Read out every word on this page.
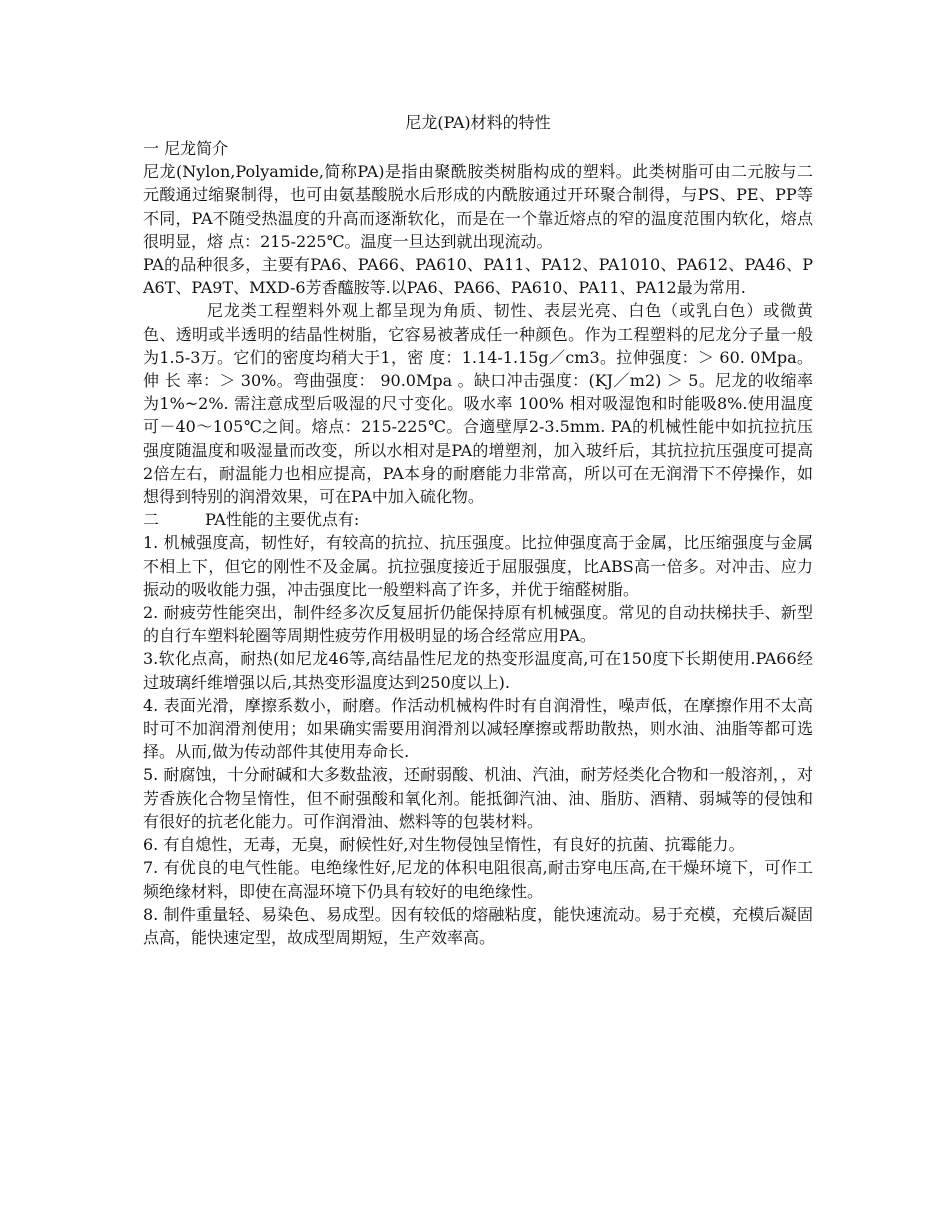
尼龙(PA)材料的特性
一 尼龙简介

尼龙(Nylon,Polyamide,简称PA)是指由聚酰胺类树脂构成的塑料。此类树脂可由二元胺与二元酸通过缩聚制得，也可由氨基酸脱水后形成的内酰胺通过开环聚合制得，与PS、PE、PP等不同，PA不随受热温度的升高而逐渐软化，而是在一个靠近熔点的窄的温度范围内软化，熔点很明显，熔 点：215-225℃。温度一旦达到就出现流动。

PA的品种很多，主要有PA6、PA66、PA610、PA11、PA12、PA1010、PA612、PA46、PA6T、PA9T、MXD-6芳香醯胺等.以PA6、PA66、PA610、PA11、PA12最为常用.

尼龙类工程塑料外观上都呈现为角质、韧性、表层光亮、白色（或乳白色）或微黄色、透明或半透明的结晶性树脂，它容易被著成任一种颜色。作为工程塑料的尼龙分子量一般为1.5-3万。它们的密度均稍大于1，密 度：1.14-1.15g／cm3。拉伸强度：＞ 60. 0Mpa。伸 长 率：＞ 30%。弯曲强度： 90.0Mpa 。缺口冲击强度：(KJ／m2) ＞ 5。尼龙的收缩率为1%~2%. 需注意成型后吸湿的尺寸变化。吸水率 100% 相对吸湿饱和时能吸8%.使用温度可－40～105℃之间。熔点：215-225℃。合適壁厚2-3.5mm. PA的机械性能中如抗拉抗压强度随温度和吸湿量而改变，所以水相对是PA的增塑剂，加入玻纤后，其抗拉抗压强度可提高2倍左右，耐温能力也相应提高，PA本身的耐磨能力非常高，所以可在无润滑下不停操作，如想得到特别的润滑效果，可在PA中加入硫化物。

二	PA性能的主要优点有:

1. 机械强度高，韧性好，有较高的抗拉、抗压强度。比拉伸强度高于金属，比压缩强度与金属不相上下，但它的刚性不及金属。抗拉强度接近于屈服强度，比ABS高一倍多。对冲击、应力振动的吸收能力强，冲击强度比一般塑料高了许多，并优于缩醛树脂。

2. 耐疲劳性能突出，制件经多次反复屈折仍能保持原有机械强度。常见的自动扶梯扶手、新型的自行车塑料轮圈等周期性疲劳作用极明显的场合经常应用PA。

3.软化点高，耐热(如尼龙46等,高结晶性尼龙的热变形温度高,可在150度下长期使用.PA66经过玻璃纤维增强以后,其热变形温度达到250度以上).

4. 表面光滑，摩擦系数小，耐磨。作活动机械构件时有自润滑性，噪声低，在摩擦作用不太高时可不加润滑剂使用；如果确实需要用润滑剂以减轻摩擦或帮助散热，则水油、油脂等都可选择。从而,做为传动部件其使用寿命长.

5. 耐腐蚀，十分耐碱和大多数盐液，还耐弱酸、机油、汽油，耐芳烃类化合物和一般溶剂，，对芳香族化合物呈惰性，但不耐强酸和氧化剂。能抵御汽油、油、脂肪、酒精、弱堿等的侵蚀和有很好的抗老化能力。可作润滑油、燃料等的包裝材料。

6. 有自熄性，无毒，无臭，耐候性好,对生物侵蚀呈惰性，有良好的抗菌、抗霉能力。

7. 有优良的电气性能。电绝缘性好,尼龙的体积电阻很高,耐击穿电压高,在干燥环境下，可作工频绝缘材料，即使在高湿环境下仍具有较好的电绝缘性。

8. 制件重量轻、易染色、易成型。因有较低的熔融粘度，能快速流动。易于充模，充模后凝固点高，能快速定型，故成型周期短，生产效率高。
